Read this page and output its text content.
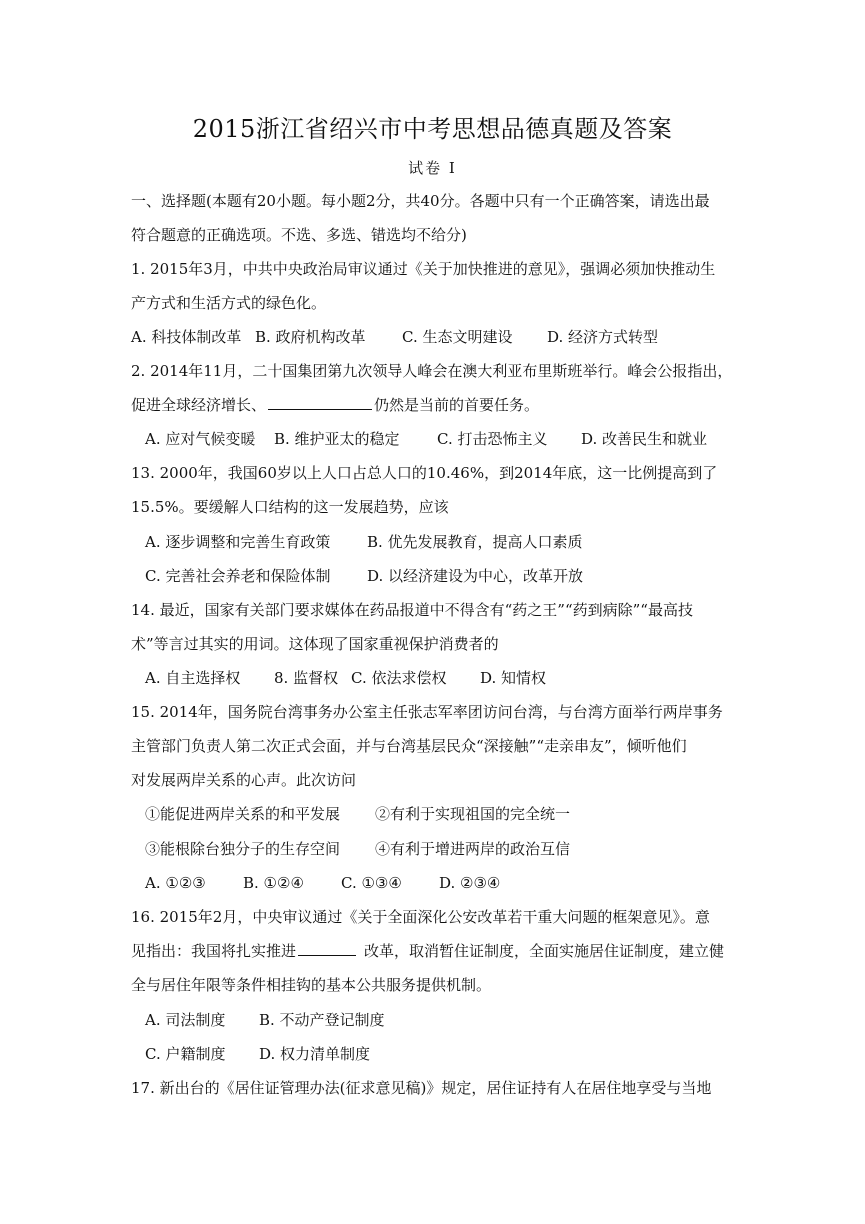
2015浙江省绍兴市中考思想品德真题及答案
试卷 Ⅰ
一、选择题(本题有20小题。每小题2分，共40分。各题中只有一个正确答案，请选出最
符合题意的正确选项。不选、多选、错选均不给分)
1. 2015年3月，中共中央政治局审议通过《关于加快推进的意见》，强调必须加快推动生
产方式和生活方式的绿色化。
A. 科技体制改革 B. 政府机构改革 C. 生态文明建设 D. 经济方式转型
2. 2014年11月，二十国集团第九次领导人峰会在澳大利亚布里斯班举行。峰会公报指出，
促进全球经济增长、	仍然是当前的首要任务。
A. 应对气候变暖 B. 维护亚太的稳定 C. 打击恐怖主义 D. 改善民生和就业
13. 2000年，我国60岁以上人口占总人口的10.46%，到2014年底，这一比例提高到了
15.5%。要缓解人口结构的这一发展趋势，应该
A. 逐步调整和完善生育政策 B. 优先发展教育，提高人口素质
C. 完善社会养老和保险体制 D. 以经济建设为中心，改革开放
14. 最近，国家有关部门要求媒体在药品报道中不得含有“药之王”“药到病除”“最高技
术”等言过其实的用词。这体现了国家重视保护消费者的
A. 自主选择权 8. 监督权 C. 依法求偿权 D. 知情权
15. 2014年，国务院台湾事务办公室主任张志军率团访问台湾，与台湾方面举行两岸事务
主管部门负责人第二次正式会面，并与台湾基层民众“深接触”“走亲串友”，倾听他们
对发展两岸关系的心声。此次访问
①能促进两岸关系的和平发展 ②有利于实现祖国的完全统一
③能根除台独分子的生存空间 ④有利于增进两岸的政治互信
A. ①②③ B. ①②④ C. ①③④ D. ②③④
16. 2015年2月，中央审议通过《关于全面深化公安改革若干重大问题的框架意见》。意
见指出：我国将扎实推进	改革，取消暂住证制度，全面实施居住证制度，建立健
全与居住年限等条件相挂钩的基本公共服务提供机制。
A. 司法制度 B. 不动产登记制度
C. 户籍制度 D. 权力清单制度
17. 新出台的《居住证管理办法(征求意见稿)》规定，居住证持有人在居住地享受与当地
